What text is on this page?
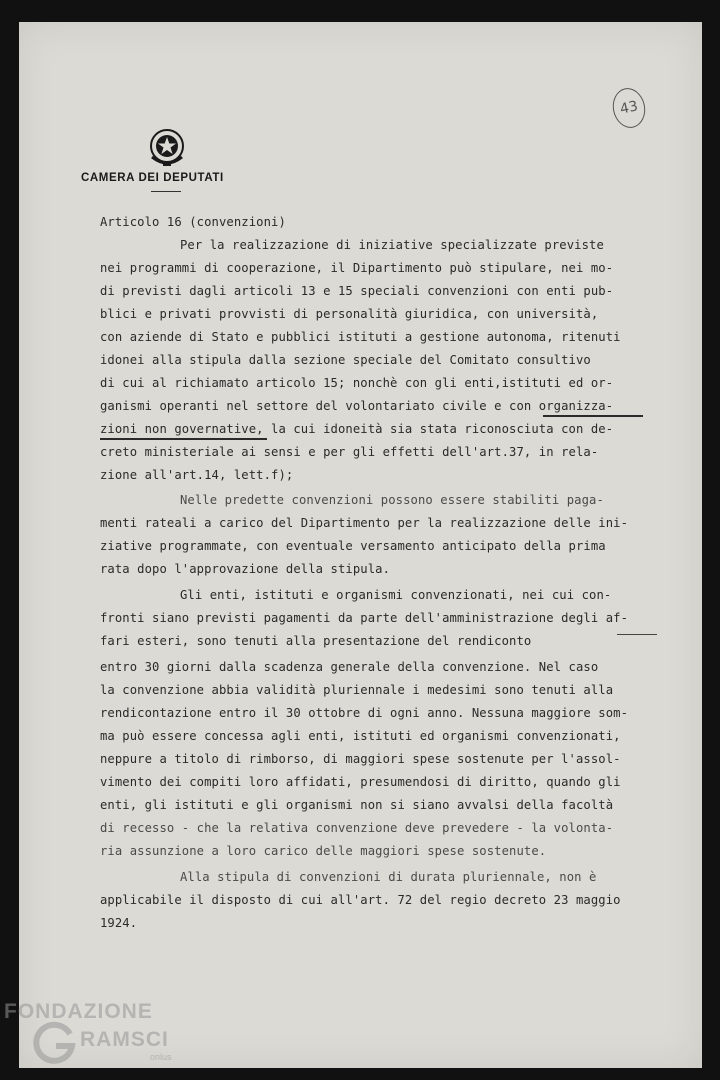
CAMERA DEI DEPUTATI
43
Articolo 16 (convenzioni)
Per la realizzazione di iniziative specializzate previste
nei programmi di cooperazione, il Dipartimento può stipulare, nei mo-
di previsti dagli articoli 13 e 15 speciali convenzioni con enti pub-
blici e privati provvisti di personalità giuridica, con università,
con aziende di Stato e pubblici istituti a gestione autonoma, ritenuti
idonei alla stipula dalla sezione speciale del Comitato consultivo
di cui al richiamato articolo 15; nonchè con gli enti,istituti ed or-
ganismi operanti nel settore del volontariato civile e con organizza-
zioni non governative, la cui idoneità sia stata riconosciuta con de-
creto ministeriale ai sensi e per gli effetti dell'art.37, in rela-
zione all'art.14, lett.f);
Nelle predette convenzioni possono essere stabiliti paga-
menti rateali a carico del Dipartimento per la realizzazione delle ini-
ziative programmate, con eventuale versamento anticipato della prima
rata dopo l'approvazione della stipula.
Gli enti, istituti e organismi convenzionati, nei cui con-
fronti siano previsti pagamenti da parte dell'amministrazione degli af-
fari esteri, sono tenuti alla presentazione del rendiconto
entro 30 giorni dalla scadenza generale della convenzione. Nel caso
la convenzione abbia validità pluriennale i medesimi sono tenuti alla
rendicontazione entro il 30 ottobre di ogni anno. Nessuna maggiore som-
ma può essere concessa agli enti, istituti ed organismi convenzionati,
neppure a titolo di rimborso, di maggiori spese sostenute per l'assol-
vimento dei compiti loro affidati, presumendosi di diritto, quando gli
enti, gli istituti e gli organismi non si siano avvalsi della facoltà
di recesso - che la relativa convenzione deve prevedere - la volonta-
ria assunzione a loro carico delle maggiori spese sostenute.
Alla stipula di convenzioni di durata pluriennale, non è
applicabile il disposto di cui all'art. 72 del regio decreto 23 maggio
1924.
FONDAZIONE
RAMSCI
onlus
